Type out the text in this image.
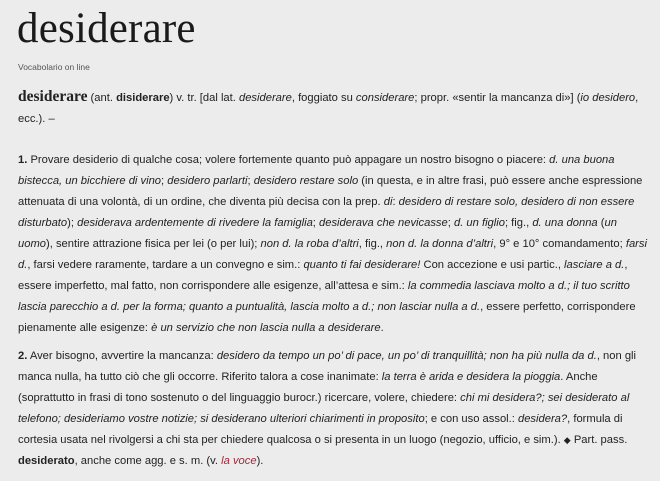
desiderare
Vocabolario on line

desiderare (ant. disiderare) v. tr. [dal lat. desiderare, foggiato su considerare; propr. «sentir la mancanza di»] (io desidero, ecc.). –

1. Provare desiderio di qualche cosa; volere fortemente quanto può appagare un nostro bisogno o piacere: d. una buona bistecca, un bicchiere di vino; desidero parlarti; desidero restare solo (in questa, e in altre frasi, può essere anche espressione attenuata di una volontà, di un ordine, che diventa più decisa con la prep. di: desidero di restare solo, desidero di non essere disturbato); desiderava ardentemente di rivedere la famiglia; desiderava che nevicasse; d. un figlio; fig., d. una donna (un uomo), sentire attrazione fisica per lei (o per lui); non d. la roba d’altri, fig., non d. la donna d’altri, 9° e 10° comandamento; farsi d., farsi vedere raramente, tardare a un convegno e sim.: quanto ti fai desiderare! Con accezione e usi partic., lasciare a d., essere imperfetto, mal fatto, non corrispondere alle esigenze, all’attesa e sim.: la commedia lasciava molto a d.; il tuo scritto lascia parecchio a d. per la forma; quanto a puntualità, lascia molto a d.; non lasciar nulla a d., essere perfetto, corrispondere pienamente alle esigenze: è un servizio che non lascia nulla a desiderare.

2. Aver bisogno, avvertire la mancanza: desidero da tempo un po’ di pace, un po’ di tranquillità; non ha più nulla da d., non gli manca nulla, ha tutto ciò che gli occorre. Riferito talora a cose inanimate: la terra è arida e desidera la pioggia. Anche (soprattutto in frasi di tono sostenuto o del linguaggio burocr.) ricercare, volere, chiedere: chi mi desidera?; sei desiderato al telefono; desideriamo vostre notizie; si desiderano ulteriori chiarimenti in proposito; e con uso assol.: desidera?, formula di cortesia usata nel rivolgersi a chi sta per chiedere qualcosa o si presenta in un luogo (negozio, ufficio, e sim.). ◆ Part. pass. desiderato, anche come agg. e s. m. (v. la voce).
